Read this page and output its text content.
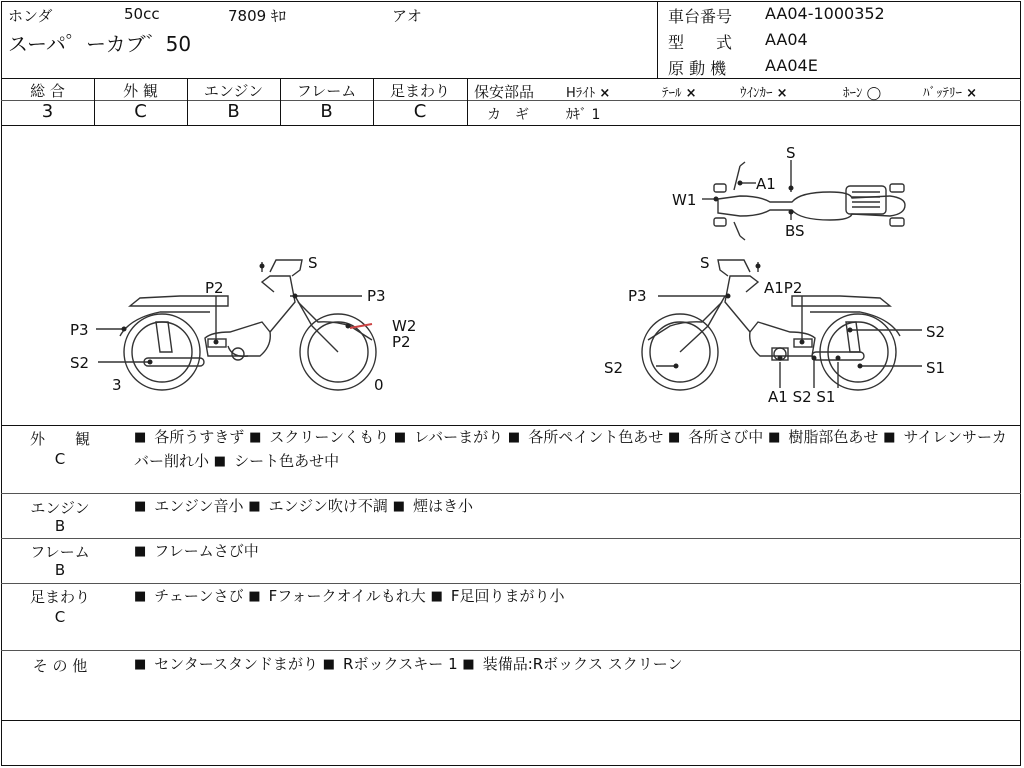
ホンダ	50cc	7809 ｷﾛ	アオ
スーパ゜ーカブ゛50
車台番号 AA04-1000352
型　　式 AA04
原 動 機 AA04E
総 合
3
外 観
C
エンジン
B
フレーム
B
足まわり
C
保安部品 Hﾗｲﾄ ×	ﾃｰﾙ ×	ｳｲﾝｶｰ ×	ﾎｰﾝ ◯	ﾊﾞｯﾃﾘｰ ×
カ　ギ	ｶｷﾞ 1
S
A1
W1
BS
S
P2	P3
P3	W2
P2
S2
3	0
S
A1P2
P3
S2
S2	S1
A1 S2 S1
外　　観
C
■ 各所うすきず ■ スクリーンくもり ■ レバーまがり ■ 各所ペイント色あせ ■ 各所さび中 ■ 樹脂部色あせ ■ サイレンサーカバー削れ小 ■ シート色あせ中
エンジン
B
■ エンジン音小 ■ エンジン吹け不調 ■ 煙はき小
フレーム
B
■ フレームさび中
足まわり
C
■ チェーンさび ■ Fフォークオイルもれ大 ■ F足回りまがり小
そ の 他	■ センタースタンドまがり ■ Rボックスキー 1 ■ 装備品:Rボックス スクリーン
